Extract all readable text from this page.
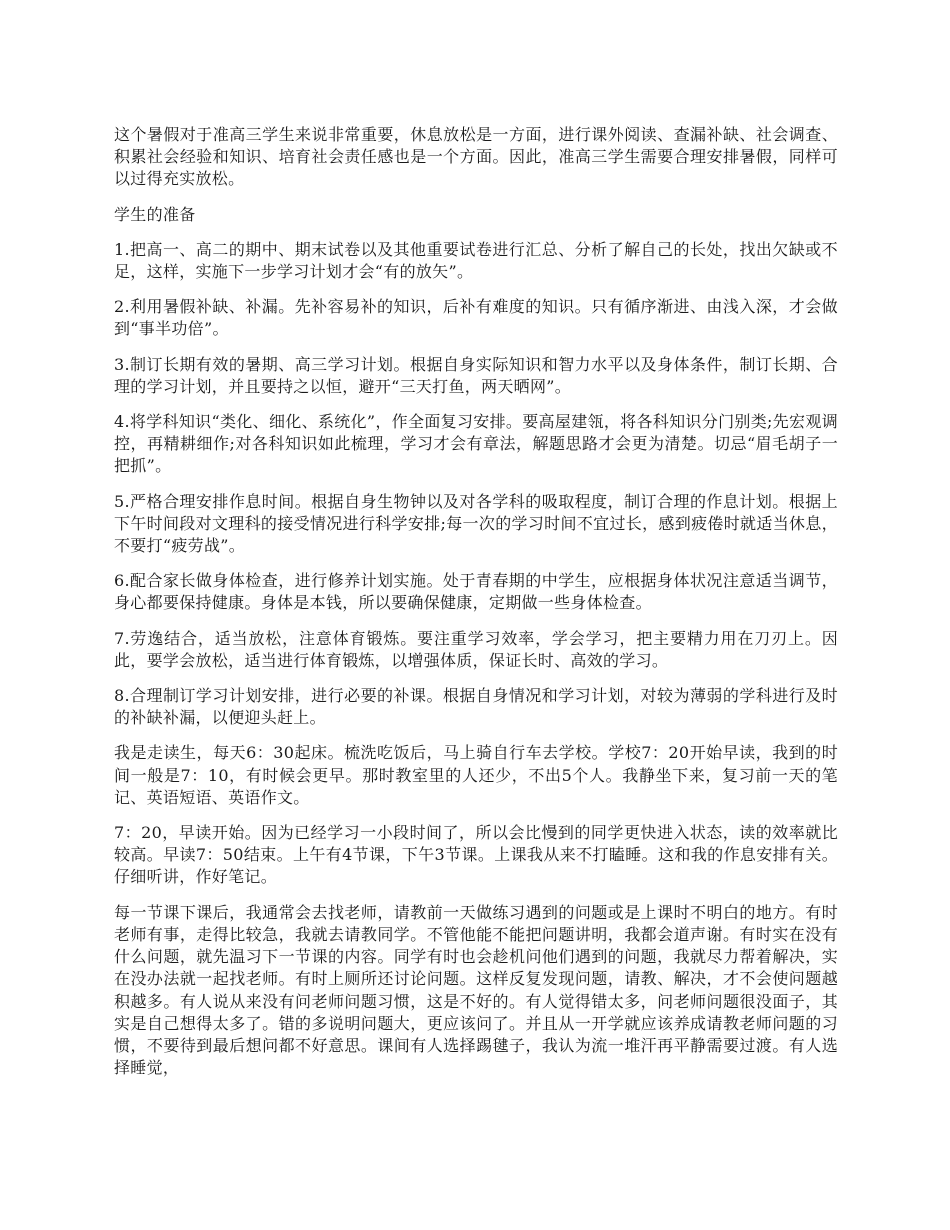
这个暑假对于准高三学生来说非常重要，休息放松是一方面，进行课外阅读、查漏补缺、社会调查、积累社会经验和知识、培育社会责任感也是一个方面。因此，准高三学生需要合理安排暑假，同样可以过得充实放松。

学生的准备

1.把高一、高二的期中、期末试卷以及其他重要试卷进行汇总、分析了解自己的长处，找出欠缺或不足，这样，实施下一步学习计划才会“有的放矢”。

2.利用暑假补缺、补漏。先补容易补的知识，后补有难度的知识。只有循序渐进、由浅入深，才会做到“事半功倍”。

3.制订长期有效的暑期、高三学习计划。根据自身实际知识和智力水平以及身体条件，制订长期、合理的学习计划，并且要持之以恒，避开“三天打鱼，两天晒网”。

4.将学科知识“类化、细化、系统化”，作全面复习安排。要高屋建瓴，将各科知识分门别类;先宏观调控，再精耕细作;对各科知识如此梳理，学习才会有章法，解题思路才会更为清楚。切忌“眉毛胡子一把抓”。

5.严格合理安排作息时间。根据自身生物钟以及对各学科的吸取程度，制订合理的作息计划。根据上下午时间段对文理科的接受情况进行科学安排;每一次的学习时间不宜过长，感到疲倦时就适当休息，不要打“疲劳战”。

6.配合家长做身体检查，进行修养计划实施。处于青春期的中学生，应根据身体状况注意适当调节，身心都要保持健康。身体是本钱，所以要确保健康，定期做一些身体检查。

7.劳逸结合，适当放松，注意体育锻炼。要注重学习效率，学会学习，把主要精力用在刀刃上。因此，要学会放松，适当进行体育锻炼，以增强体质，保证长时、高效的学习。

8.合理制订学习计划安排，进行必要的补课。根据自身情况和学习计划，对较为薄弱的学科进行及时的补缺补漏，以便迎头赶上。

我是走读生，每天6：30起床。梳洗吃饭后，马上骑自行车去学校。学校7：20开始早读，我到的时间一般是7：10，有时候会更早。那时教室里的人还少，不出5个人。我静坐下来，复习前一天的笔记、英语短语、英语作文。

7：20，早读开始。因为已经学习一小段时间了，所以会比慢到的同学更快进入状态，读的效率就比较高。早读7：50结束。上午有4节课，下午3节课。上课我从来不打瞌睡。这和我的作息安排有关。仔细听讲，作好笔记。

每一节课下课后，我通常会去找老师，请教前一天做练习遇到的问题或是上课时不明白的地方。有时老师有事，走得比较急，我就去请教同学。不管他能不能把问题讲明，我都会道声谢。有时实在没有什么问题，就先温习下一节课的内容。同学有时也会趁机问他们遇到的问题，我就尽力帮着解决，实在没办法就一起找老师。有时上厕所还讨论问题。这样反复发现问题，请教、解决，才不会使问题越积越多。有人说从来没有问老师问题习惯，这是不好的。有人觉得错太多，问老师问题很没面子，其实是自己想得太多了。错的多说明问题大，更应该问了。并且从一开学就应该养成请教老师问题的习惯，不要待到最后想问都不好意思。课间有人选择踢毽子，我认为流一堆汗再平静需要过渡。有人选择睡觉，
